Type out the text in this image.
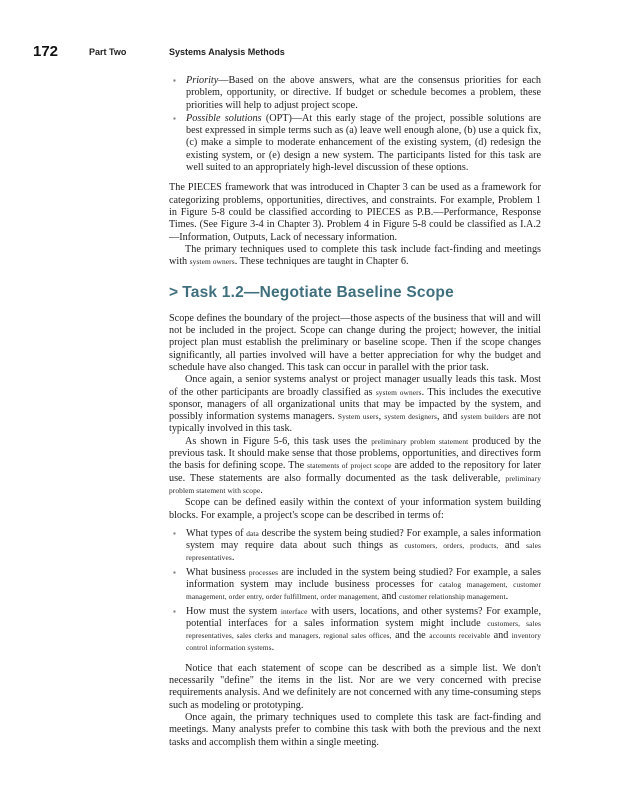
172	Part Two	Systems Analysis Methods
▪ Priority—Based on the above answers, what are the consensus priorities for each problem, opportunity, or directive. If budget or schedule becomes a problem, these priorities will help to adjust project scope.
▪ Possible solutions (OPT)—At this early stage of the project, possible solutions are best expressed in simple terms such as (a) leave well enough alone, (b) use a quick fix, (c) make a simple to moderate enhancement of the existing system, (d) redesign the existing system, or (e) design a new system. The participants listed for this task are well suited to an appropriately high-level discussion of these options.

The PIECES framework that was introduced in Chapter 3 can be used as a framework for categorizing problems, opportunities, directives, and constraints. For example, Problem 1 in Figure 5-8 could be classified according to PIECES as P.B.—Performance, Response Times. (See Figure 3-4 in Chapter 3). Problem 4 in Figure 5-8 could be classified as I.A.2—Information, Outputs, Lack of necessary information.

The primary techniques used to complete this task include fact-finding and meetings with system owners. These techniques are taught in Chapter 6.

> Task 1.2—Negotiate Baseline Scope

Scope defines the boundary of the project—those aspects of the business that will and will not be included in the project. Scope can change during the project; however, the initial project plan must establish the preliminary or baseline scope. Then if the scope changes significantly, all parties involved will have a better appreciation for why the budget and schedule have also changed. This task can occur in parallel with the prior task.

Once again, a senior systems analyst or project manager usually leads this task. Most of the other participants are broadly classified as system owners. This includes the executive sponsor, managers of all organizational units that may be impacted by the system, and possibly information systems managers. System users, system designers, and system builders are not typically involved in this task.

As shown in Figure 5-6, this task uses the preliminary problem statement produced by the previous task. It should make sense that those problems, opportunities, and directives form the basis for defining scope. The statements of project scope are added to the repository for later use. These statements are also formally documented as the task deliverable, preliminary problem statement with scope.

Scope can be defined easily within the context of your information system building blocks. For example, a project's scope can be described in terms of:

▪ What types of data describe the system being studied? For example, a sales information system may require data about such things as customers, orders, products, and sales representatives.
▪ What business processes are included in the system being studied? For example, a sales information system may include business processes for catalog management, customer management, order entry, order fulfillment, order management, and customer relationship management.
▪ How must the system interface with users, locations, and other systems? For example, potential interfaces for a sales information system might include customers, sales representatives, sales clerks and managers, regional sales offices, and the accounts receivable and inventory control information systems.

Notice that each statement of scope can be described as a simple list. We don't necessarily "define" the items in the list. Nor are we very concerned with precise requirements analysis. And we definitely are not concerned with any time-consuming steps such as modeling or prototyping.

Once again, the primary techniques used to complete this task are fact-finding and meetings. Many analysts prefer to combine this task with both the previous and the next tasks and accomplish them within a single meeting.
